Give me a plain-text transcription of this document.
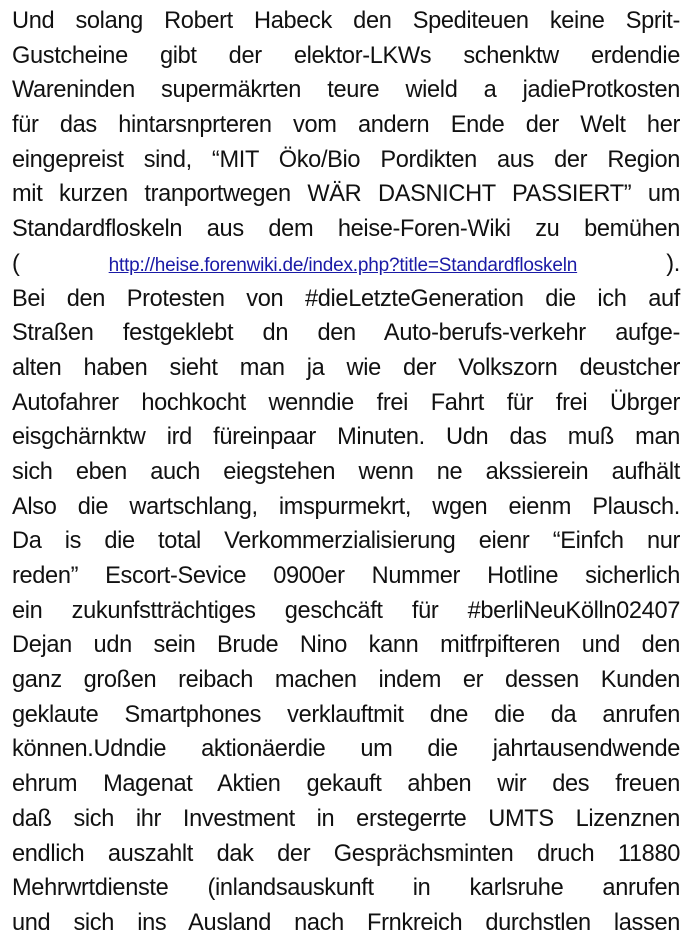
Und solang Robert Habeck den Spediteuen keine Sprit-
Gustcheine gibt der elektor-LKWs schenktw erdendie
Wareninden supermäkrten teure wield a jadieProtkosten
für das hintarsnprteren vom andern Ende der Welt her
eingepreist sind, “MIT Öko/Bio Pordikten aus der Region
mit kurzen tranportwegen WÄR DASNICHT PASSIERT” um
Standardfloskeln aus dem heise-Foren-Wiki zu bemühen
(	http://heise.forenwiki.de/index.php?title=Standardfloskeln	).
Bei den Protesten von #dieLetzteGeneration die ich auf
Straßen festgeklebt dn den Auto-berufs-verkehr aufge-
alten haben sieht man ja wie der Volkszorn deustcher
Autofahrer hochkocht wenndie frei Fahrt für frei Übrger
eisgchärnktw ird füreinpaar Minuten. Udn das muß man
sich eben auch eiegstehen wenn ne akssierein aufhält
Also die wartschlang, imspurmekrt, wgen eienm Plausch.
Da is die total Verkommerzialisierung eienr “Einfch nur
reden” Escort-Sevice 0900er Nummer Hotline sicherlich
ein zukunfstträchtiges geschcäft für #berliNeuKölln02407
Dejan udn sein Brude Nino kann mitfrpifteren und den
ganz großen reibach machen indem er dessen Kunden
geklaute Smartphones verklauftmit dne die da anrufen
können.Udndie aktionäerdie um die jahrtausendwende
ehrum Magenat Aktien gekauft ahben wir des freuen
daß sich ihr Investment in erstegerrte UMTS Lizenznen
endlich auszahlt dak der Gesprächsminten druch 11880
Mehrwrtdienste (inlandsauskunft in karlsruhe anrufen
und sich ins Ausland nach Frnkreich durchstlen lassen
